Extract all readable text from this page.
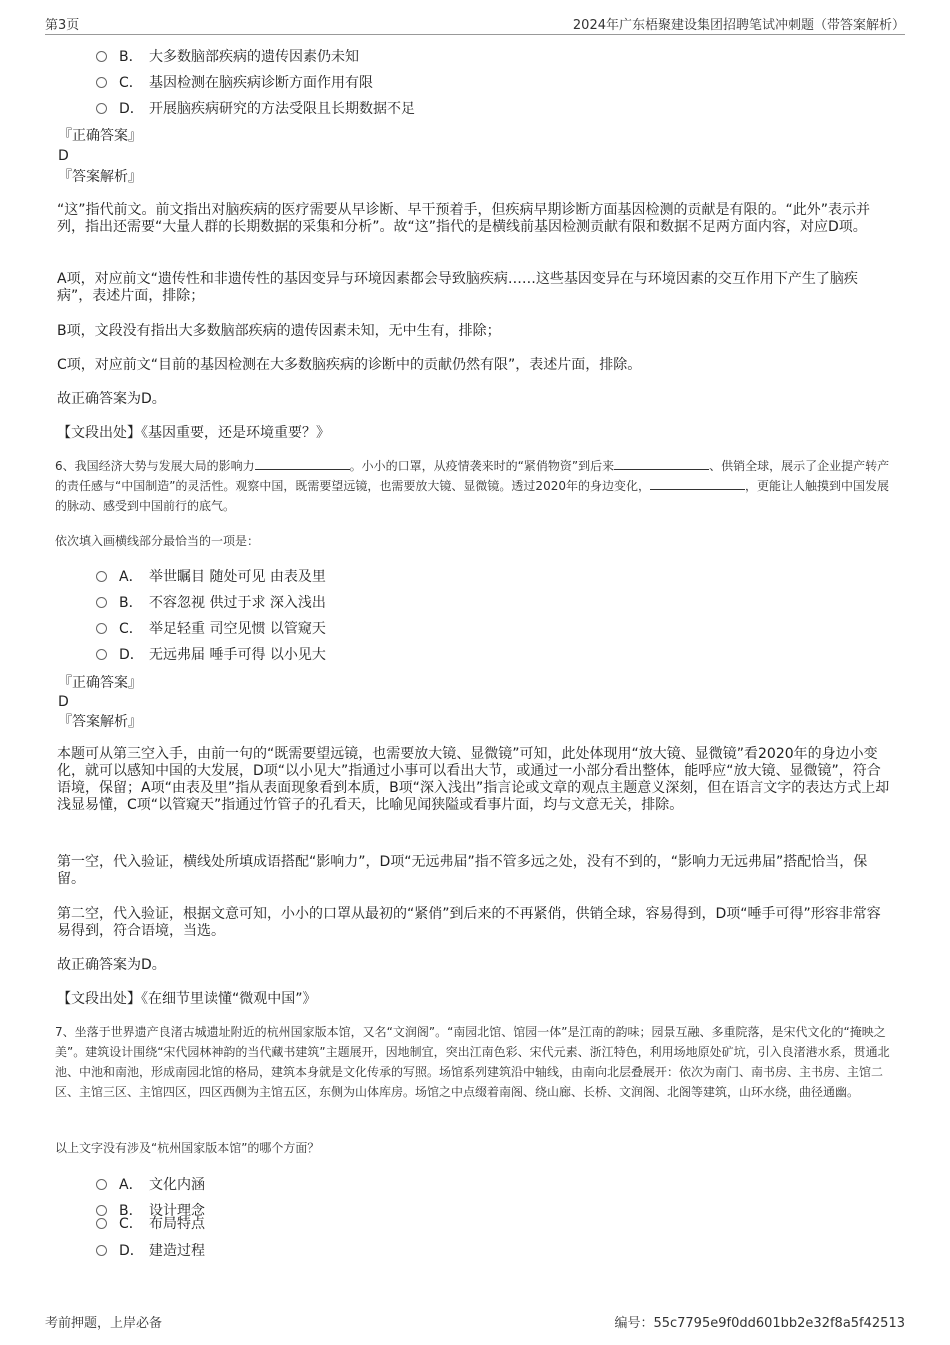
第3页	2024年广东梧聚建设集团招聘笔试冲刺题（带答案解析）
B． 大多数脑部疾病的遗传因素仍未知
C． 基因检测在脑疾病诊断方面作用有限
D． 开展脑疾病研究的方法受限且长期数据不足
『正确答案』
D
『答案解析』
“这”指代前文。前文指出对脑疾病的医疗需要从早诊断、早干预着手，但疾病早期诊断方面基因检测的贡献是有限的。“此外”表示并列，指出还需要“大量人群的长期数据的采集和分析”。故“这”指代的是横线前基因检测贡献有限和数据不足两方面内容，对应D项。
A项，对应前文“遗传性和非遗传性的基因变异与环境因素都会导致脑疾病……这些基因变异在与环境因素的交互作用下产生了脑疾病”，表述片面，排除；
B项，文段没有指出大多数脑部疾病的遗传因素未知，无中生有，排除；
C项，对应前文“目前的基因检测在大多数脑疾病的诊断中的贡献仍然有限”，表述片面，排除。
故正确答案为D。
【文段出处】《基因重要，还是环境重要？》
6、我国经济大势与发展大局的影响力	。小小的口罩，从疫情袭来时的“紧俏物资”到后来	、供销全球，展示了企业提产转产的责任感与“中国制造”的灵活性。观察中国，既需要望远镜，也需要放大镜、显微镜。透过2020年的身边变化，	，更能让人触摸到中国发展的脉动、感受到中国前行的底气。
依次填入画横线部分最恰当的一项是：
A． 举世瞩目 随处可见 由表及里
B． 不容忽视 供过于求 深入浅出
C． 举足轻重 司空见惯 以管窥天
D． 无远弗届 唾手可得 以小见大
『正确答案』
D
『答案解析』
本题可从第三空入手，由前一句的“既需要望远镜，也需要放大镜、显微镜”可知，此处体现用“放大镜、显微镜”看2020年的身边小变化，就可以感知中国的大发展，D项“以小见大”指通过小事可以看出大节，或通过一小部分看出整体，能呼应“放大镜、显微镜”，符合语境，保留；A项“由表及里”指从表面现象看到本质，B项“深入浅出”指言论或文章的观点主题意义深刻，但在语言文字的表达方式上却浅显易懂，C项“以管窥天”指通过竹管子的孔看天，比喻见闻狭隘或看事片面，均与文意无关，排除。
第一空，代入验证，横线处所填成语搭配“影响力”，D项“无远弗届”指不管多远之处，没有不到的，“影响力无远弗届”搭配恰当，保留。
第二空，代入验证，根据文意可知，小小的口罩从最初的“紧俏”到后来的不再紧俏，供销全球，容易得到，D项“唾手可得”形容非常容易得到，符合语境，当选。
故正确答案为D。
【文段出处】《在细节里读懂“微观中国”》
7、坐落于世界遗产良渚古城遗址附近的杭州国家版本馆，又名“文润阁”。“南园北馆、馆园一体”是江南的韵味；园景互融、多重院落，是宋代文化的“掩映之美”。建筑设计围绕“宋代园林神韵的当代藏书建筑”主题展开，因地制宜，突出江南色彩、宋代元素、浙江特色，利用场地原处矿坑，引入良渚港水系，贯通北池、中池和南池，形成南园北馆的格局，建筑本身就是文化传承的写照。场馆系列建筑沿中轴线，由南向北层叠展开：依次为南门、南书房、主书房、主馆二区、主馆三区、主馆四区，四区西侧为主馆五区，东侧为山体库房。场馆之中点缀着南阁、绕山廊、长桥、文润阁、北阁等建筑，山环水绕，曲径通幽。
以上文字没有涉及“杭州国家版本馆”的哪个方面？
A． 文化内涵
B． 设计理念
C． 布局特点
D． 建造过程
考前押题，上岸必备	编号：55c7795e9f0dd601bb2e32f8a5f42513
